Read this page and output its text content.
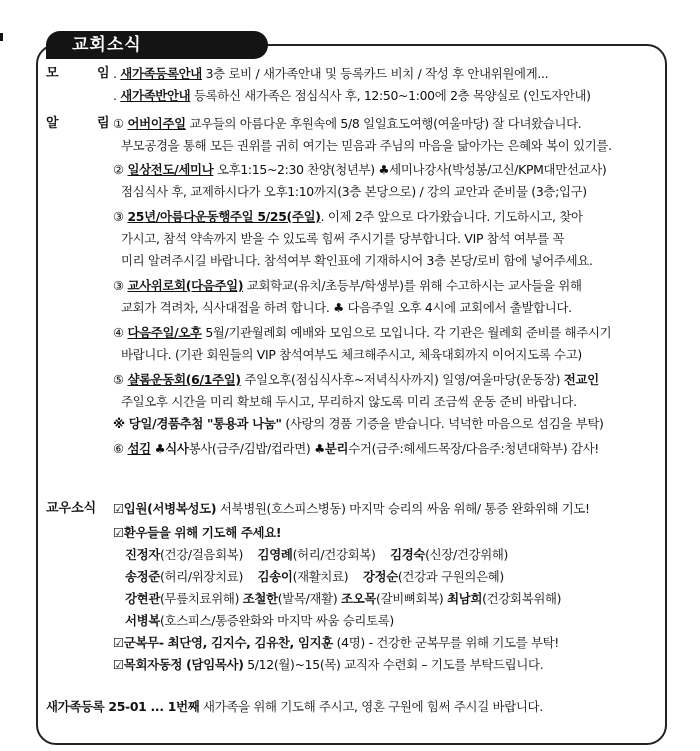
교회소식
모	임 . 새가족등록안내 3층 로비 / 새가족안내 및 등록카드 비치 / 작성 후 안내위원에게...
. 새가족반안내 등록하신 새가족은 점심식사 후, 12:50~1:00에 2층 목양실로 (인도자안내)
알	림 ① 어버이주일 교우들의 아름다운 후원속에 5/8 일일효도여행(여울마당) 잘 다녀왔습니다.
부모공경을 통해 모든 권위를 귀히 여기는 믿음과 주님의 마음을 닮아가는 은혜와 복이 있기를.
② 일상전도/세미나 오후1:15~2:30 찬양(청년부) ♣세미나강사(박성봉/고신/KPM대만선교사)
점심식사 후, 교제하시다가 오후1:10까지(3층 본당으로) / 강의 교안과 준비물 (3층;입구)
③ 25년/아름다운동행주일 5/25(주일). 이제 2주 앞으로 다가왔습니다. 기도하시고, 찾아
가시고, 참석 약속까지 받을 수 있도록 힘써 주시기를 당부합니다. VIP 참석 여부를 꼭
미리 알려주시길 바랍니다. 참석여부 확인표에 기재하시어 3층 본당/로비 함에 넣어주세요.
③ 교사위로회(다음주일) 교회학교(유치/초등부/학생부)를 위해 수고하시는 교사들을 위해
교회가 격려차, 식사대접을 하려 합니다. ♣ 다음주일 오후 4시에 교회에서 출발합니다.
④ 다음주일/오후 5월/기관월례회 예배와 모임으로 모입니다. 각 기관은 월례회 준비를 해주시기
바랍니다. (기관 회원들의 VIP 참석여부도 체크해주시고, 체육대회까지 이어지도록 수고)
⑤ 샬롬운동회(6/1주일) 주일오후(점심식사후~저녁식사까지) 일영/여울마당(운동장) 전교인
주일오후 시간을 미리 확보해 두시고, 무리하지 않도록 미리 조금씩 운동 준비 바랍니다.
※ 당일/경품추첨 "통용과 나눔" (사랑의 경품 기증을 받습니다. 넉넉한 마음으로 섬김을 부탁)
⑥ 섬김 ♣식사봉사(금주/김밥/컵라면) ♣분리수거(금주:헤세드목장/다음주:청년대학부) 감사!
교우소식 ☑입원(서병복성도) 서북병원(호스피스병동) 마지막 승리의 싸움 위해/ 통증 완화위해 기도!
☑환우들을 위해 기도해 주세요!
진정자(건강/걸음회복) 김영례(허리/건강회복) 김경숙(신장/건강위해)
송정준(허리/위장치료) 김송이(재활치료) 강정순(건강과 구원의은혜)
강현관(무릎치료위해) 조철한(발목/재활) 조오목(갈비뼈회복) 최남희(건강회복위해)
서병복(호스피스/통증완화와 마지막 싸움 승리토록)
☑군복무- 최단영, 김지수, 김유찬, 임지훈 (4명) - 건강한 군복무를 위해 기도를 부탁!
☑목회자동정 (담임목사) 5/12(월)~15(목) 교직자 수련회 – 기도를 부탁드립니다.
새가족등록 25-01 ... 1번째 새가족을 위해 기도해 주시고, 영혼 구원에 힘써 주시길 바랍니다.
